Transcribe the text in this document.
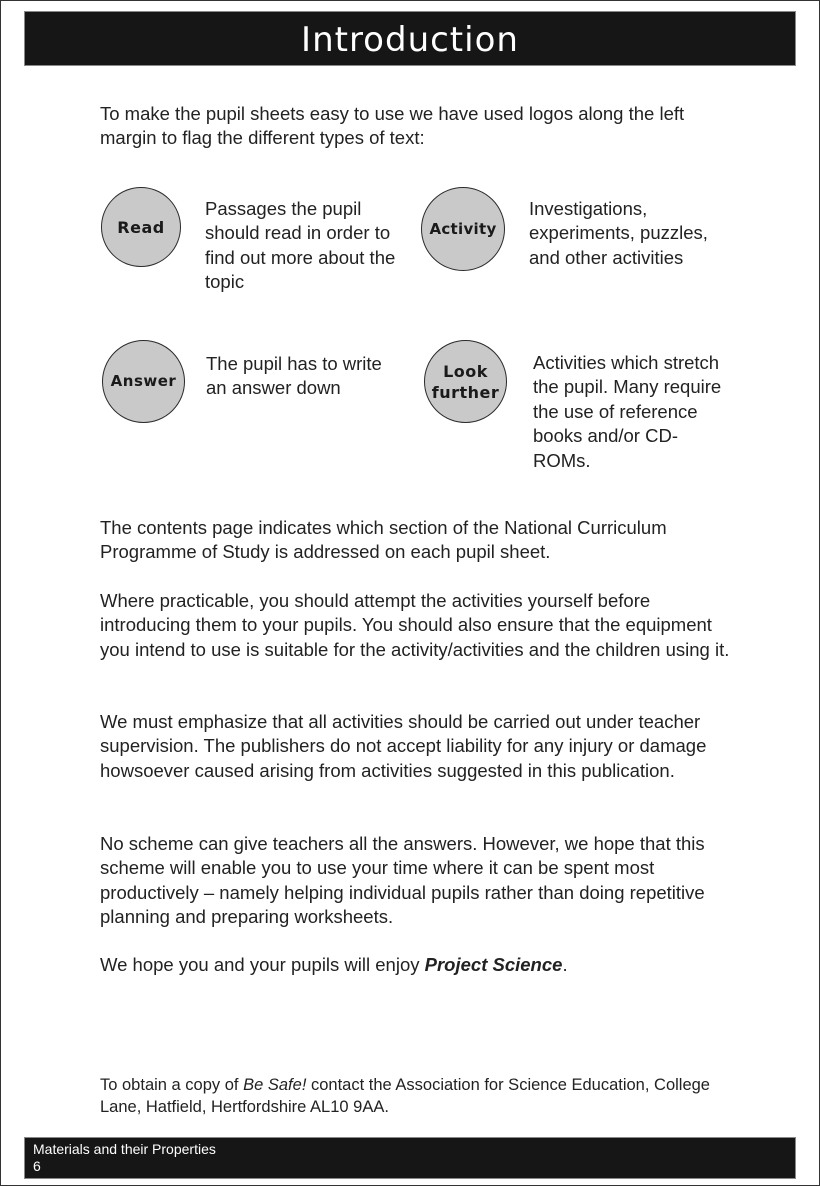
Introduction

To make the pupil sheets easy to use we have used logos along the left margin to flag the different types of text:

Read

Passages the pupil should read in order to find out more about the topic

Activity

Investigations, experiments, puzzles, and other activities

Answer

The pupil has to write an answer down

Look
further

Activities which stretch the pupil. Many require the use of reference books and/or CD-ROMs.

The contents page indicates which section of the National Curriculum Programme of Study is addressed on each pupil sheet.

Where practicable, you should attempt the activities yourself before introducing them to your pupils. You should also ensure that the equipment you intend to use is suitable for the activity/activities and the children using it.

We must emphasize that all activities should be carried out under teacher supervision. The publishers do not accept liability for any injury or damage howsoever caused arising from activities suggested in this publication.

No scheme can give teachers all the answers. However, we hope that this scheme will enable you to use your time where it can be spent most productively – namely helping individual pupils rather than doing repetitive planning and preparing worksheets.

We hope you and your pupils will enjoy Project Science.

To obtain a copy of Be Safe! contact the Association for Science Education, College Lane, Hatfield, Hertfordshire AL10 9AA.

Materials and their Properties
6
